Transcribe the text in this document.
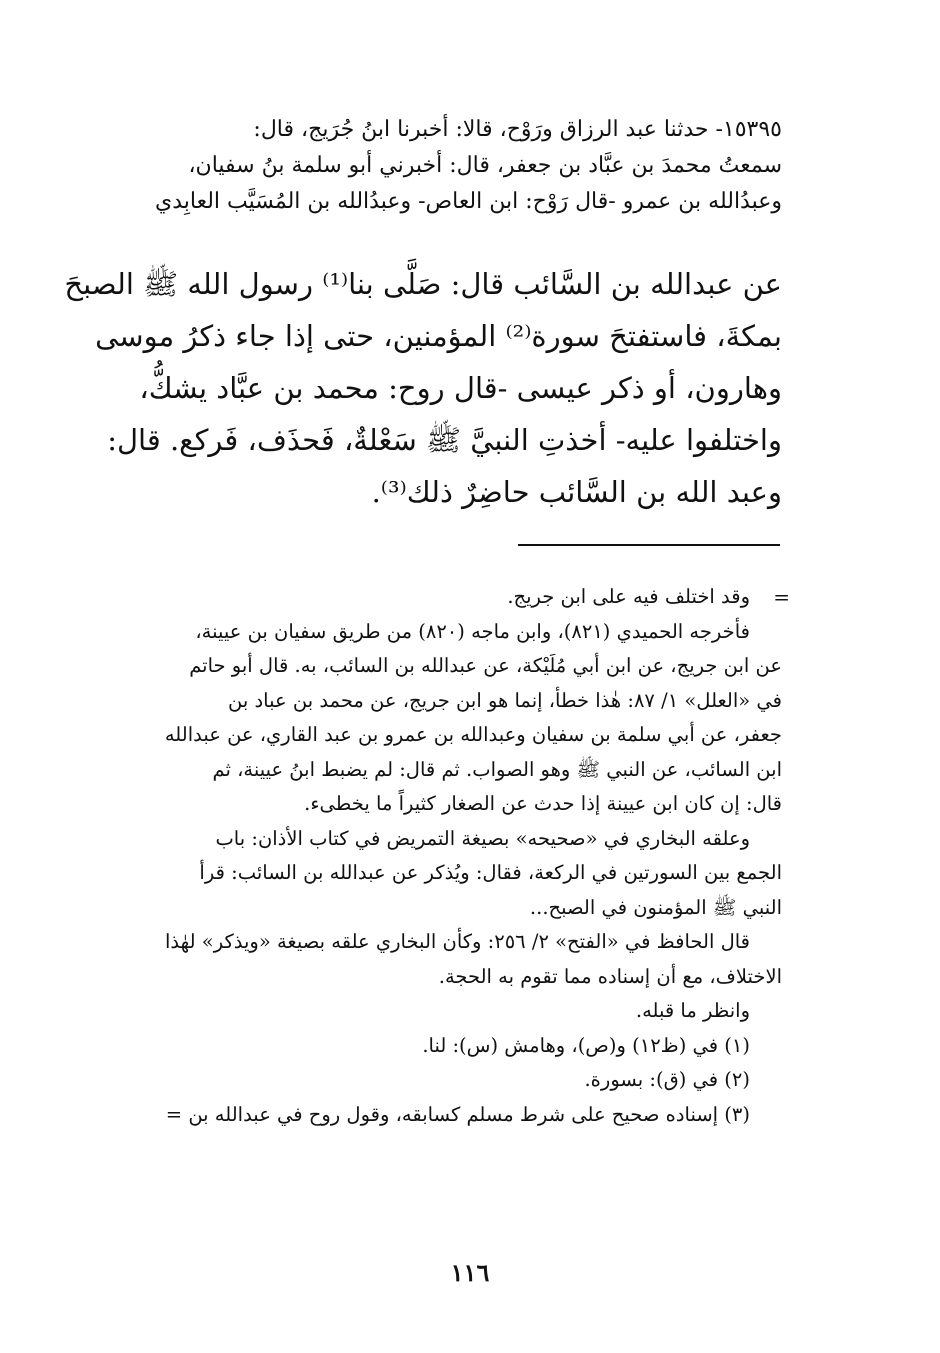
١٥٣٩٥- حدثنا عبد الرزاق ورَوْح، قالا: أخبرنا ابنُ جُرَيج، قال:
سمعتُ محمدَ بن عبَّاد بن جعفر، قال: أخبرني أبو سلمة بنُ سفيان،
وعبدُالله بن عمرو -قال رَوْح: ابن العاص- وعبدُالله بن المُسَيَّب العابِدي
عن عبدالله بن السَّائب قال: صَلَّى بنا⁽¹⁾ رسول الله ﷺ الصبحَ
بمكةَ، فاستفتحَ سورة⁽²⁾ المؤمنين، حتى إذا جاء ذكرُ موسى
وهارون، أو ذكر عيسى -قال روح: محمد بن عبَّاد يشكُّ،
واختلفوا عليه- أخذتِ النبيَّ ﷺ سَعْلةٌ، فَحذَف، فَركع. قال:
وعبد الله بن السَّائب حاضِرٌ ذلك⁽³⁾.
=
وقد اختلف فيه على ابن جريج.
فأخرجه الحميدي (٨٢١)، وابن ماجه (٨٢٠) من طريق سفيان بن عيينة،
عن ابن جريج، عن ابن أبي مُلَيْكة، عن عبدالله بن السائب، به. قال أبو حاتم
في «العلل» ١/ ٨٧: هٰذا خطأ، إنما هو ابن جريج، عن محمد بن عباد بن
جعفر، عن أبي سلمة بن سفيان وعبدالله بن عمرو بن عبد القاري، عن عبدالله
ابن السائب، عن النبي ﷺ وهو الصواب. ثم قال: لم يضبط ابنُ عيينة، ثم
قال: إن كان ابن عيينة إذا حدث عن الصغار كثيراً ما يخطىء.
وعلقه البخاري في «صحيحه» بصيغة التمريض في كتاب الأذان: باب
الجمع بين السورتين في الركعة، فقال: ويُذكر عن عبدالله بن السائب: قرأ
النبي ﷺ المؤمنون في الصبح...
قال الحافظ في «الفتح» ٢/ ٢٥٦: وكأن البخاري علقه بصيغة «ويذكر» لهٰذا
الاختلاف، مع أن إسناده مما تقوم به الحجة.
وانظر ما قبله.
(١) في (ظ١٢) و(ص)، وهامش (س): لنا.
(٢) في (ق): بسورة.
(٣) إسناده صحيح على شرط مسلم كسابقه، وقول روح في عبدالله بن =
١١٦
